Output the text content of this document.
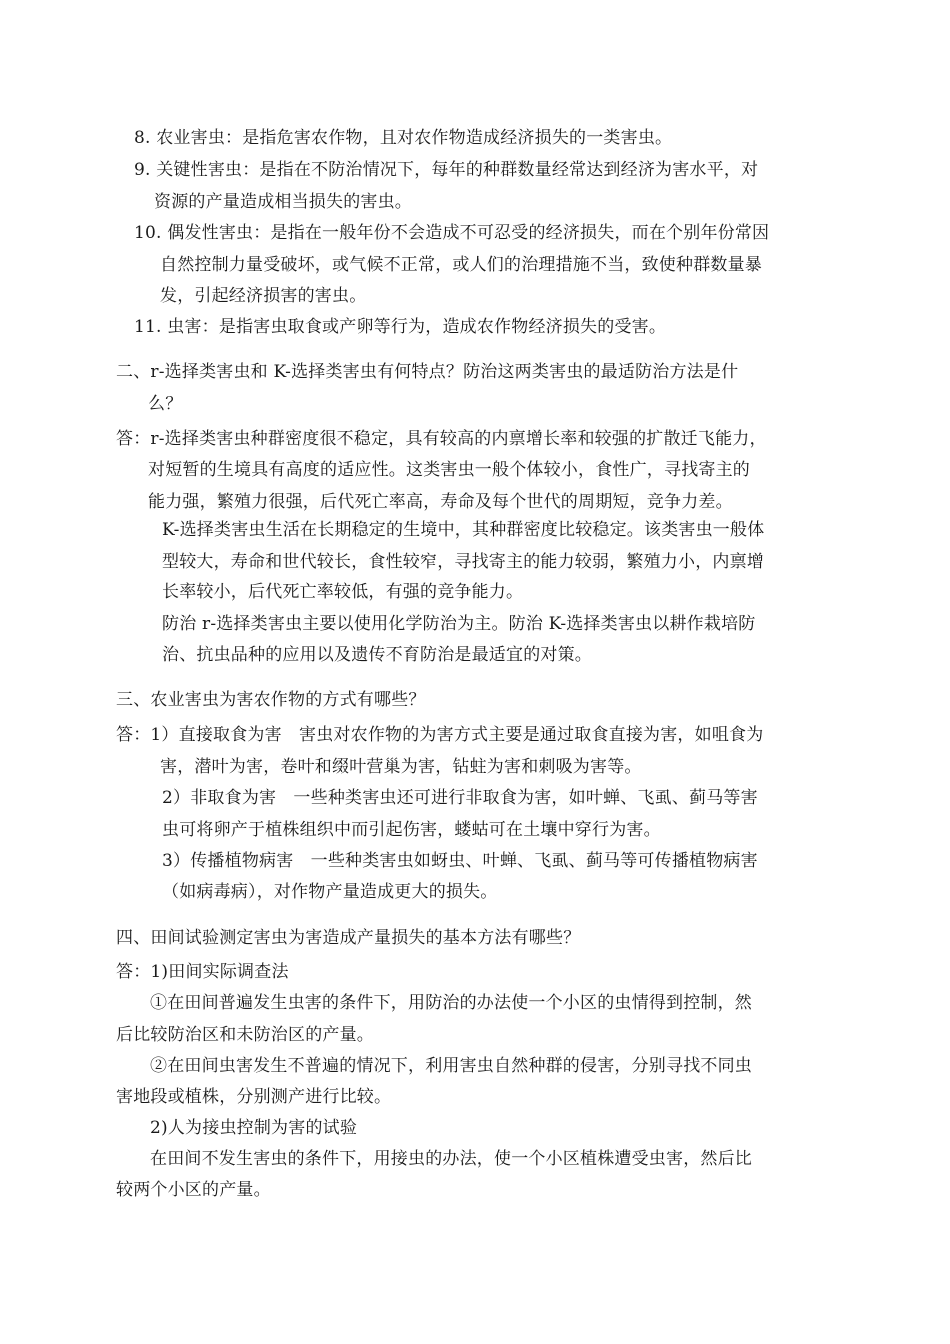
8. 农业害虫：是指危害农作物，且对农作物造成经济损失的一类害虫。
9. 关键性害虫：是指在不防治情况下，每年的种群数量经常达到经济为害水平，对
资源的产量造成相当损失的害虫。
10. 偶发性害虫：是指在一般年份不会造成不可忍受的经济损失，而在个别年份常因
自然控制力量受破坏，或气候不正常，或人们的治理措施不当，致使种群数量暴
发，引起经济损害的害虫。
11. 虫害：是指害虫取食或产卵等行为，造成农作物经济损失的受害。
二、r-选择类害虫和 K-选择类害虫有何特点？防治这两类害虫的最适防治方法是什
么？
答：r-选择类害虫种群密度很不稳定，具有较高的内禀增长率和较强的扩散迁飞能力，
对短暂的生境具有高度的适应性。这类害虫一般个体较小，食性广，寻找寄主的
能力强，繁殖力很强，后代死亡率高，寿命及每个世代的周期短，竞争力差。
K-选择类害虫生活在长期稳定的生境中，其种群密度比较稳定。该类害虫一般体
型较大，寿命和世代较长，食性较窄，寻找寄主的能力较弱，繁殖力小，内禀增
长率较小，后代死亡率较低，有强的竞争能力。
防治 r-选择类害虫主要以使用化学防治为主。防治 K-选择类害虫以耕作栽培防
治、抗虫品种的应用以及遗传不育防治是最适宜的对策。
三、农业害虫为害农作物的方式有哪些？
答：1）直接取食为害　害虫对农作物的为害方式主要是通过取食直接为害，如咀食为
害，潜叶为害，卷叶和缀叶营巢为害，钻蛀为害和刺吸为害等。
2）非取食为害　一些种类害虫还可进行非取食为害，如叶蝉、飞虱、蓟马等害
虫可将卵产于植株组织中而引起伤害，蝼蛄可在土壤中穿行为害。
3）传播植物病害　一些种类害虫如蚜虫、叶蝉、飞虱、蓟马等可传播植物病害
（如病毒病），对作物产量造成更大的损失。
四、田间试验测定害虫为害造成产量损失的基本方法有哪些？
答：1)田间实际调查法
①在田间普遍发生虫害的条件下，用防治的办法使一个小区的虫情得到控制，然
后比较防治区和未防治区的产量。
②在田间虫害发生不普遍的情况下，利用害虫自然种群的侵害，分别寻找不同虫
害地段或植株，分别测产进行比较。
2)人为接虫控制为害的试验
在田间不发生害虫的条件下，用接虫的办法，使一个小区植株遭受虫害，然后比
较两个小区的产量。
